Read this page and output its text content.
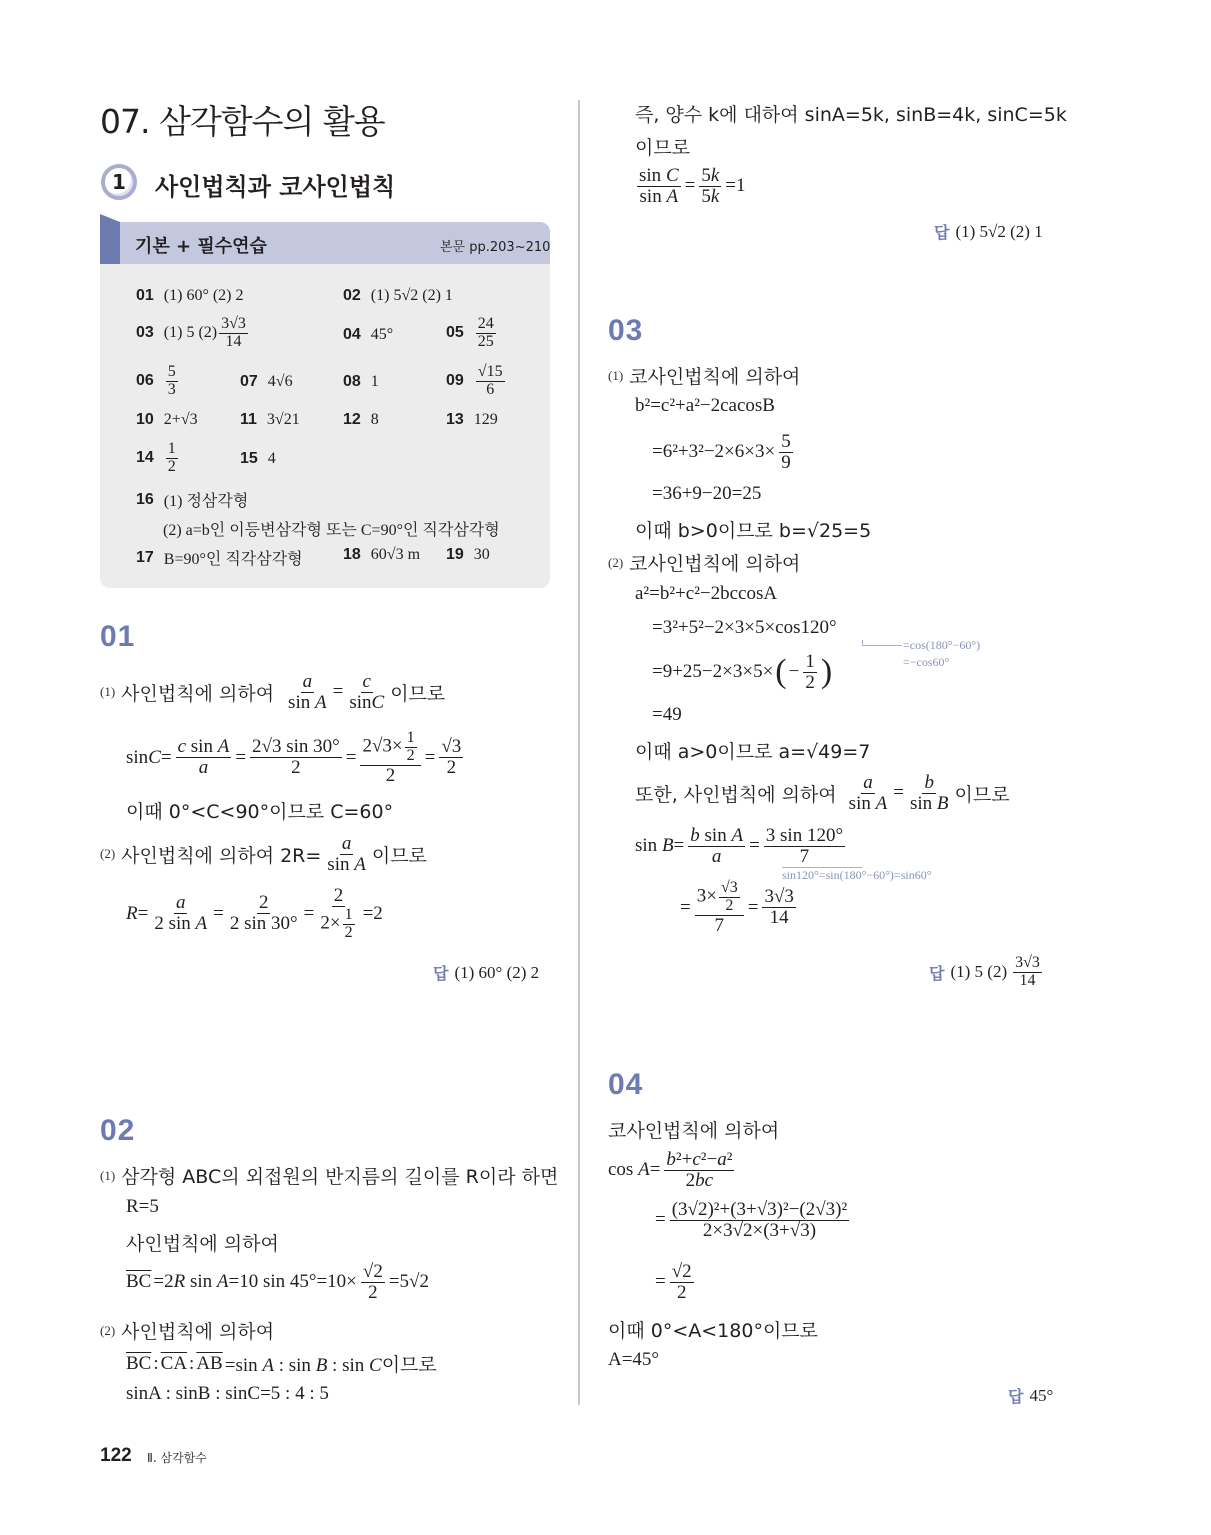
07. 삼각함수의 활용
1 사인법칙과 코사인법칙
기본 + 필수연습	본문 pp.203~210
01 (1) 60° (2) 2	02 (1) 5√2 (2) 1
03 (1) 5 $(2) \frac{3√3}{14}$	04 45°	$05 \frac{24}{25}$
$06 \frac{5}{3}$	07 4√6	08 1	$09 \frac{√15}{6}$
10 2+√3	11 3√21	12 8	13 129
$14 \frac{1}{2}$	15 4
16 (1) 정삼각형
(2) a=b인 이등변삼각형 또는 C=90°인 직각삼각형
17 B=90°인 직각삼각형	18 60√3 m 19 30
01
(1) 사인법칙에 의하여 $\frac{a}{\text{sin A}} = \frac{c}{\sin C}$ 이므로
$\sin C= \frac{\text{c sin A}}{a} = \frac{2√3 \sin 30^\circ}{2} = \frac{2√3\times \frac{1}{2}}{2} = \frac{√3}{2}$
이때 0°<C<90°이므로 C=60°
(2) 사인법칙에 의하여 $2R= \frac{a}{\text{sin A}}$ 이므로
$R= \frac{a}{\text{2 sin A}} = \frac{2}{2 \sin 30^\circ} = \frac{2}{2\times \frac{1}{2}} =2$
답 (1) 60° (2) 2
02
(1) 삼각형 ABC의 외접원의 반지름의 길이를 R이라 하면
R=5
사인법칙에 의하여
$\overline{BC} =2R$ sin A=10 $\sin 45^\circ=10\times \frac{√2}{2} =5√2$
(2) 사인법칙에 의하여
$\overline{BC}$ : $\overline{CA}$ : $\overline{AB} =\sin$ A : sin B : sin C이므로
sinA : sinB : sinC=5 : 4 : 5
즉, 양수 k에 대하여 sinA=5k, sinB=4k, sinC=5k
이므로
$\frac{\text{sin C}}{\text{sin A}} = \frac{5k}{5k} =1$
답 (1) 5√2 (2) 1
03
(1) 코사인법칙에 의하여
b²=c²+a²−2cacosB
$=6^2+3^2-2\times 6\times 3\times \frac{5}{9}$
=36+9−20=25
이때 b>0이므로 b=√25=5
(2) 코사인법칙에 의하여
a²=b²+c²−2bccosA
=3²+5²−2×3×5×cos120°
=cos(180°−60°)
=−cos60°
=9+25−2×3×5× ( − $\frac{1}{2}$ )
=49
이때 a>0이므로 a=√49=7
또한, 사인법칙에 의하여 $\frac{a}{\text{sin A}} = \frac{b}{\text{sin B}}$ 이므로
$\sin B= \frac{\text{b sin A}}{a} = \frac{3 \sin 120^\circ}{7}$
sin120°=sin(180°−60°)=sin60°
= $\frac{3\times \frac{√3}{2}}{7} = \frac{3√3}{14}$
답 (1) 5 $(2) \frac{3√3}{14}$
04
코사인법칙에 의하여
$\cos A= \frac{\text{b²+c²−a²}}{2bc}$
= $\frac{\text{(3√2)²+(3+√3)²−(2√3)²}}{2\times 3√2\times(3+√3)}$
= $\frac{√2}{2}$
이때 0°<A<180°이므로
A=45°
답 45°
122 Ⅱ. 삼각함수
